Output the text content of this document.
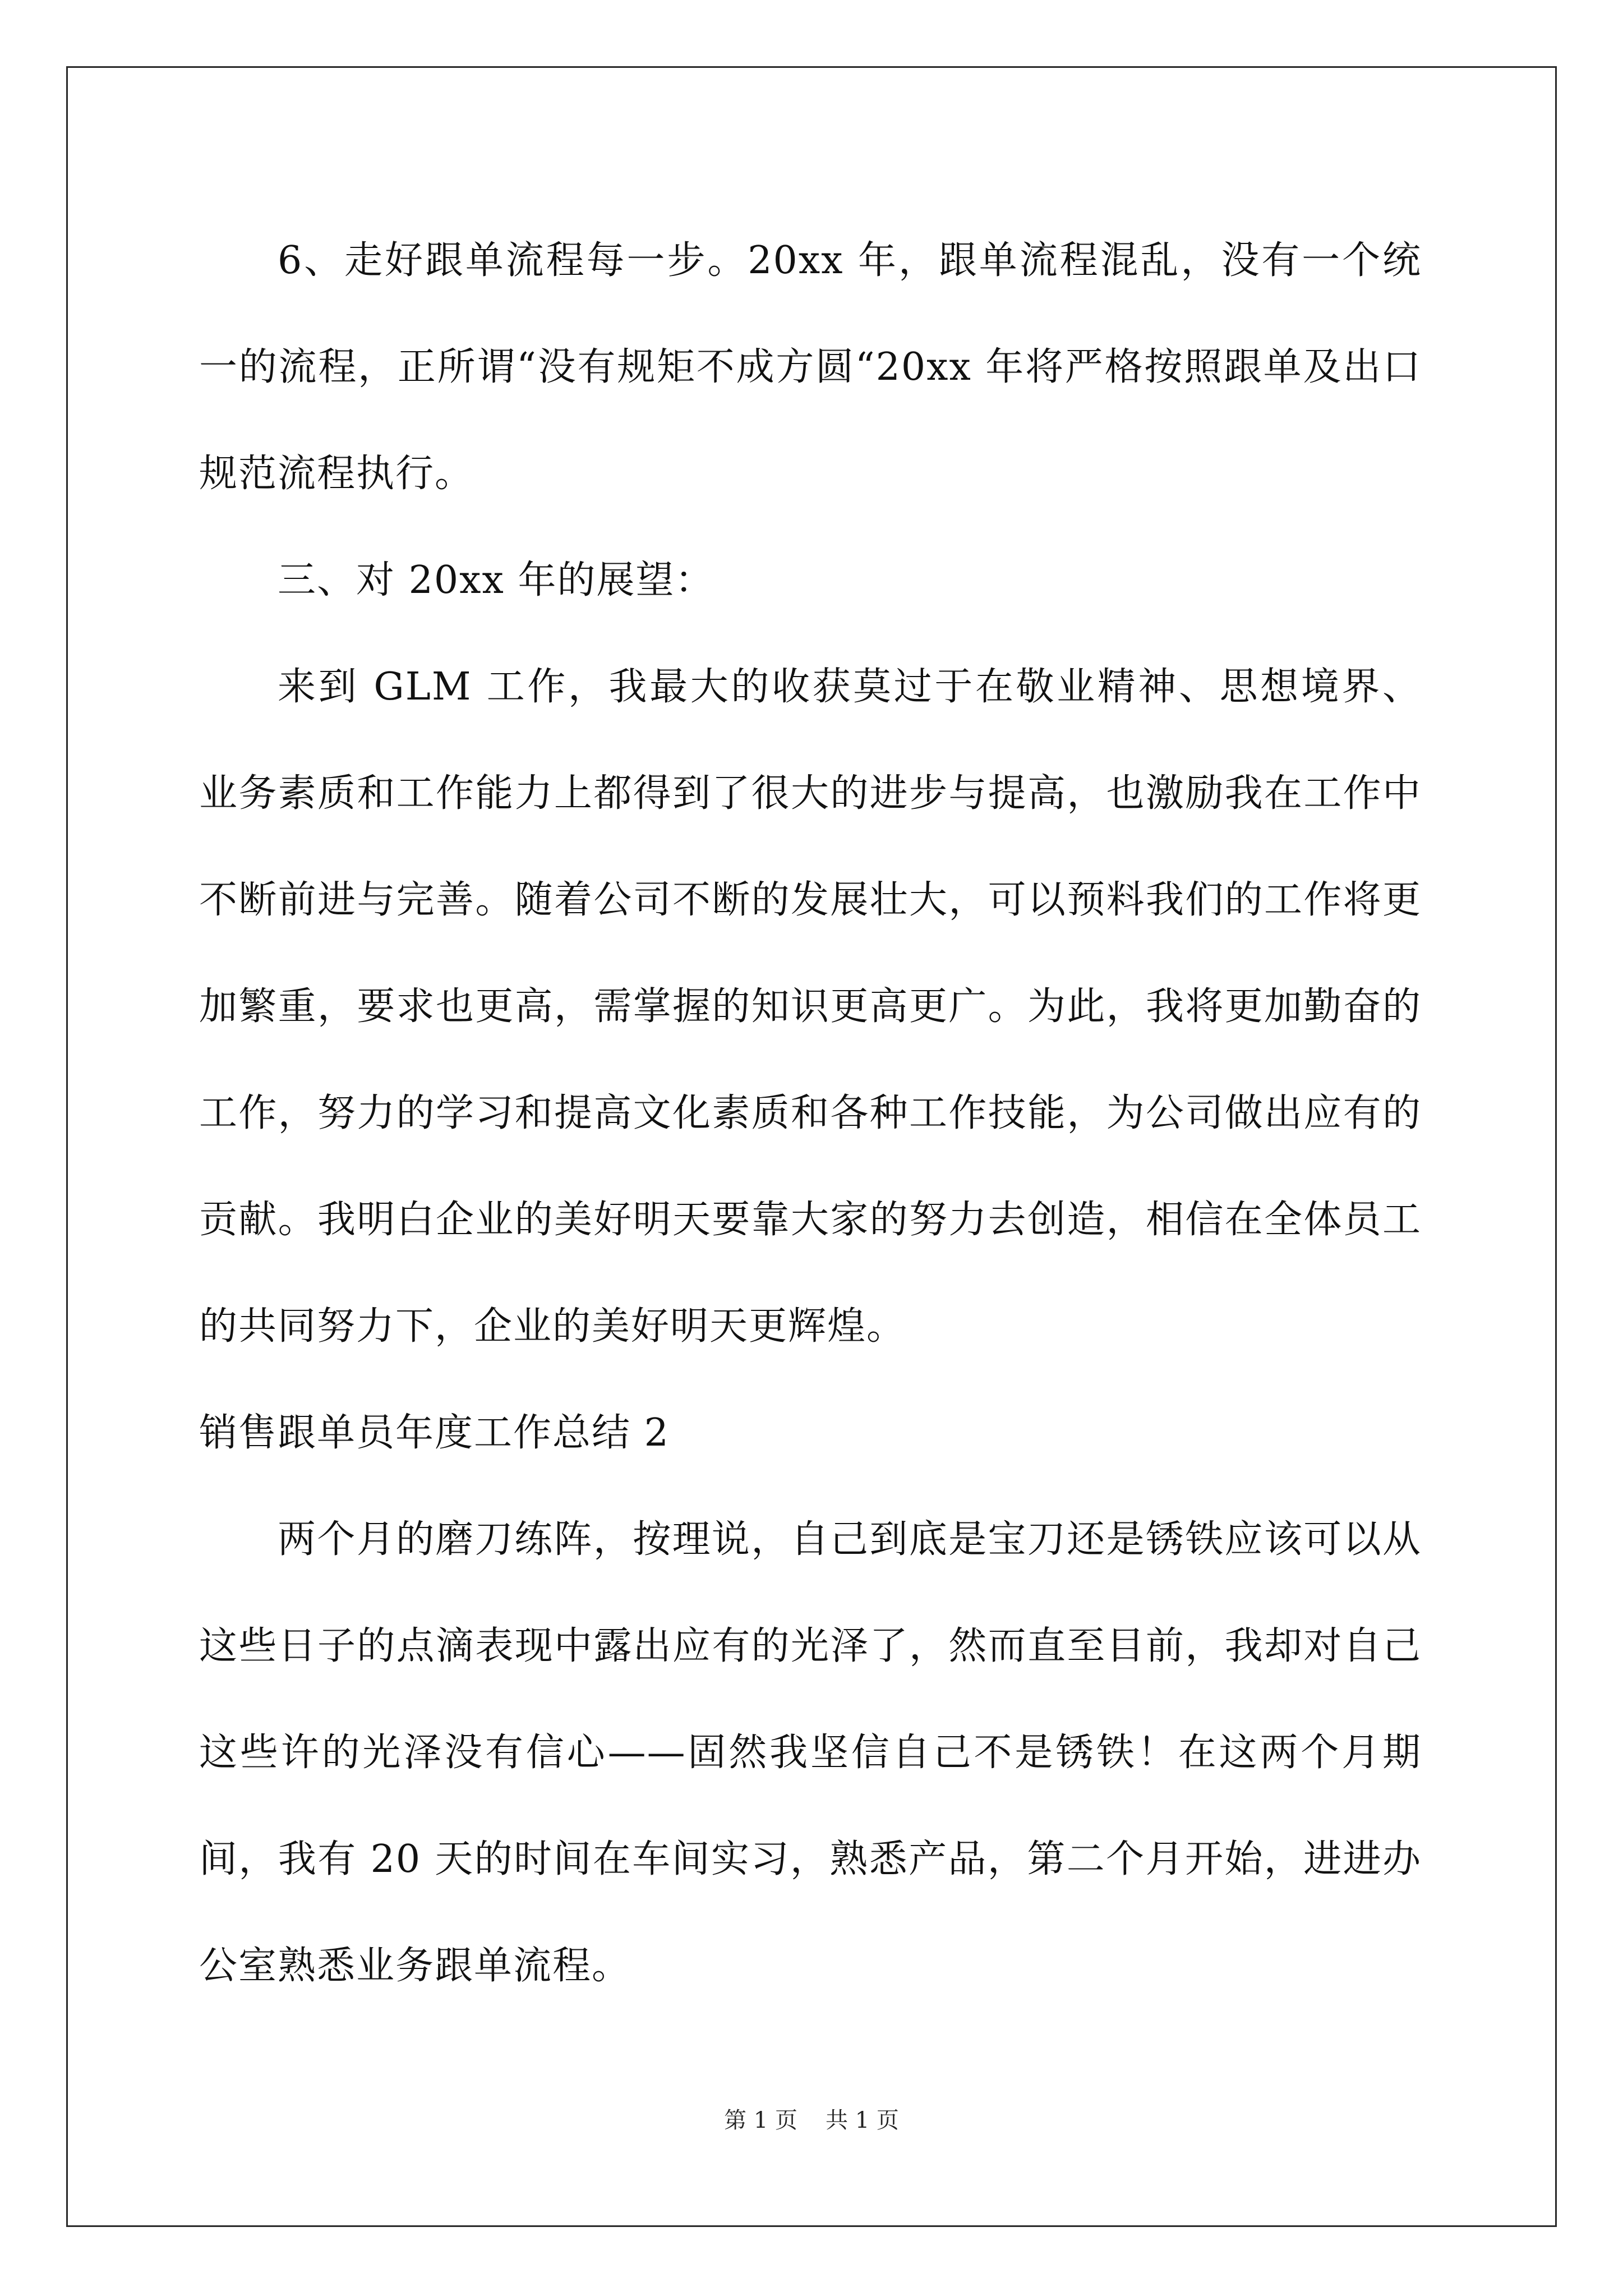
6、走好跟单流程每一步。20xx 年，跟单流程混乱，没有一个统一的流程，正所谓“没有规矩不成方圆“20xx 年将严格按照跟单及出口规范流程执行。

三、对 20xx 年的展望：

来到 GLM 工作，我最大的收获莫过于在敬业精神、思想境界、业务素质和工作能力上都得到了很大的进步与提高，也激励我在工作中不断前进与完善。随着公司不断的发展壮大，可以预料我们的工作将更加繁重，要求也更高，需掌握的知识更高更广。为此，我将更加勤奋的工作，努力的学习和提高文化素质和各种工作技能，为公司做出应有的贡献。我明白企业的美好明天要靠大家的努力去创造，相信在全体员工的共同努力下，企业的美好明天更辉煌。

销售跟单员年度工作总结 2

两个月的磨刀练阵，按理说，自己到底是宝刀还是锈铁应该可以从这些日子的点滴表现中露出应有的光泽了，然而直至目前，我却对自己这些许的光泽没有信心——固然我坚信自己不是锈铁！在这两个月期间，我有 20 天的时间在车间实习，熟悉产品，第二个月开始，进进办公室熟悉业务跟单流程。

第 1 页 共 1 页
